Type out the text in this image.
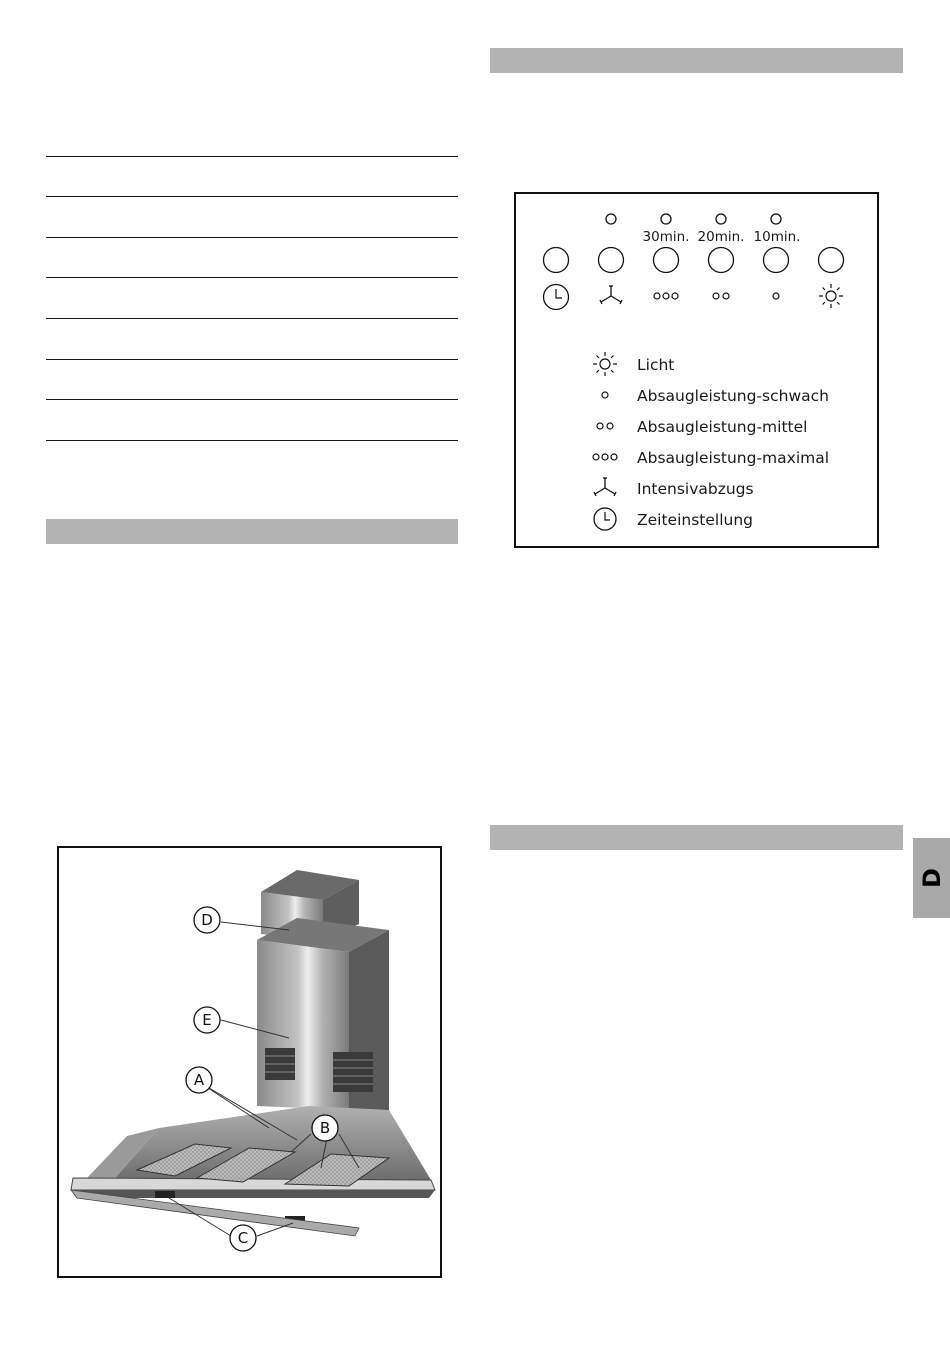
D
30min. 20min. 10min.
Licht
Absaugleistung-schwach
Absaugleistung-mittel
Absaugleistung-maximal
Intensivabzugs
Zeiteinstellung
D
E
A
B
C
